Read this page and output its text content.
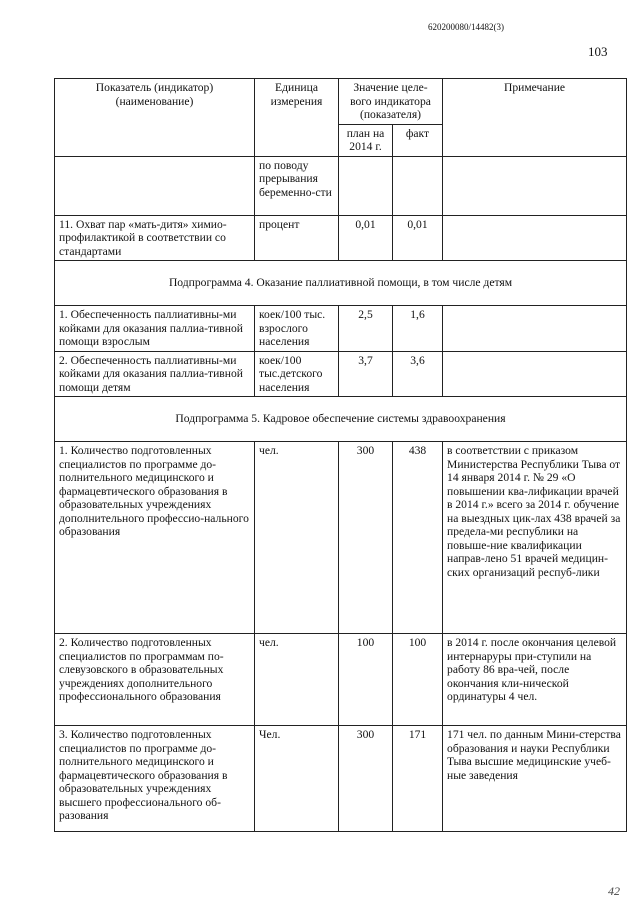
620200080/14482(3)
103
Показатель (индикатор) (наименование)	Единица измерения	Значение целе-вого индикатора (показателя)		Примечание
		план на 2014 г.	факт	
	по поводу прерывания беременно-сти			
11. Охват пар «мать-дитя» химио-профилактикой в соответствии со стандартами	процент	0,01	0,01	
Подпрограмма 4. Оказание паллиативной помощи, в том числе детям				
1. Обеспеченность паллиативны-ми койками для оказания паллиа-тивной помощи взрослым	коек/100 тыс. взрослого населения	2,5	1,6	
2. Обеспеченность паллиативны-ми койками для оказания паллиа-тивной помощи детям	коек/100 тыс.детского населения	3,7	3,6	
Подпрограмма 5. Кадровое обеспечение системы здравоохранения				
1. Количество подготовленных специалистов по программе до-полнительного медицинского и фармацевтического образования в образовательных учреждениях дополнительного профессио-нального образования	чел.	300	438	в соответствии с приказом Министерства Республики Тыва от 14 января 2014 г. № 29 «О повышении ква-лификации врачей в 2014 г.» всего за 2014 г. обучение на выездных цик-лах 438 врачей за предела-ми республики на повыше-ние квалификации направ-лено 51 врачей медицин-ских организаций респуб-лики
2. Количество подготовленных специалистов по программам по-слевузовского в образовательных учреждениях дополнительного профессионального образования	чел.	100	100	в 2014 г. после окончания целевой интернаруры при-ступили на работу 86 вра-чей, после окончания кли-нической ординатуры 4 чел.
3. Количество подготовленных специалистов по программе до-полнительного медицинского и фармацевтического образования в образовательных учреждениях высшего профессионального об-разования	Чел.	300	171	171 чел. по данным Мини-стерства образования и науки Республики Тыва высшие медицинские учеб-ные заведения
42
